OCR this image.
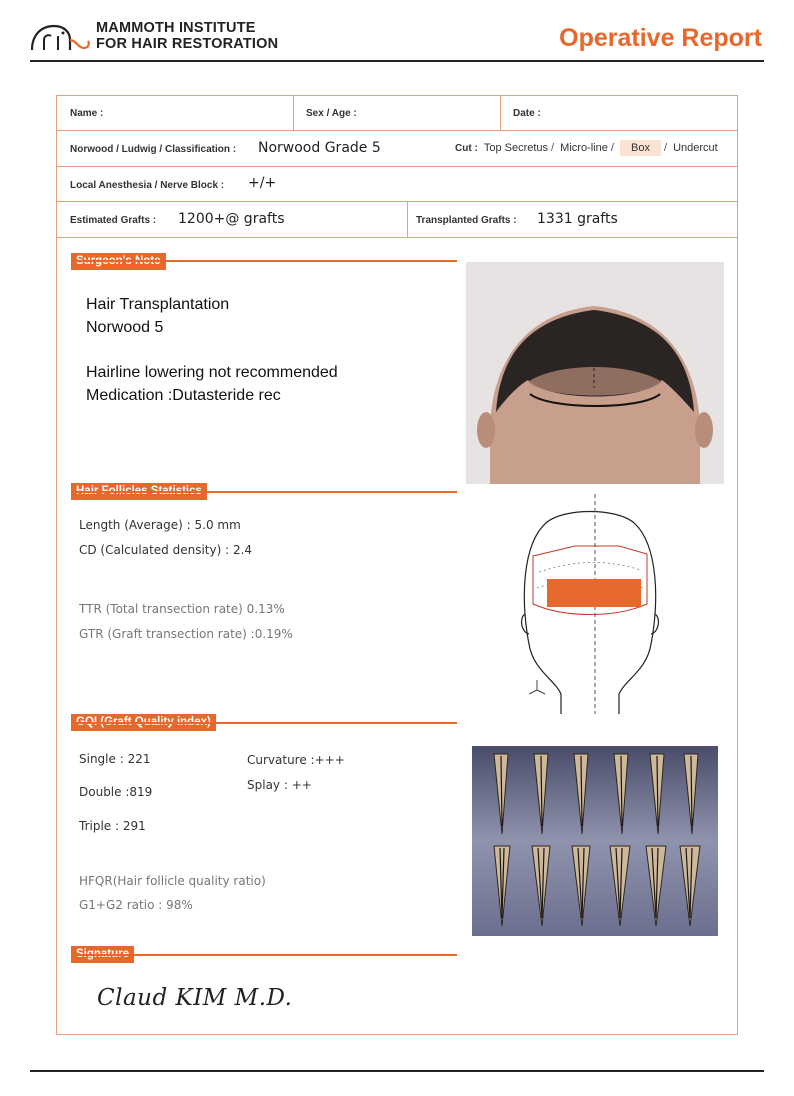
MAMMOTH INSTITUTE
FOR HAIR RESTORATION	Operative Report
Name :	Sex / Age :	Date :
Norwood / Ludwig / Classification : Norwood Grade 5	Cut : Top Secretus / Micro-line / Box / Undercut
Local Anesthesia / Nerve Block : +/+
Estimated Grafts : 1200+@ grafts	Transplanted Grafts : 1331 grafts
Hair Transplantation
Norwood 5
Hairline lowering not recommended
Medication :Dutasteride rec
Length (Average) : 5.0 mm
CD (Calculated density) : 2.4
TTR (Total transection rate) 0.13%
GTR (Graft transection rate) :0.19%
Single : 221
Double :819
Triple : 291
Curvature :+++
Splay : ++
HFQR(Hair follicle quality ratio)
G1+G2 ratio : 98%
Claud KIM M.D.
